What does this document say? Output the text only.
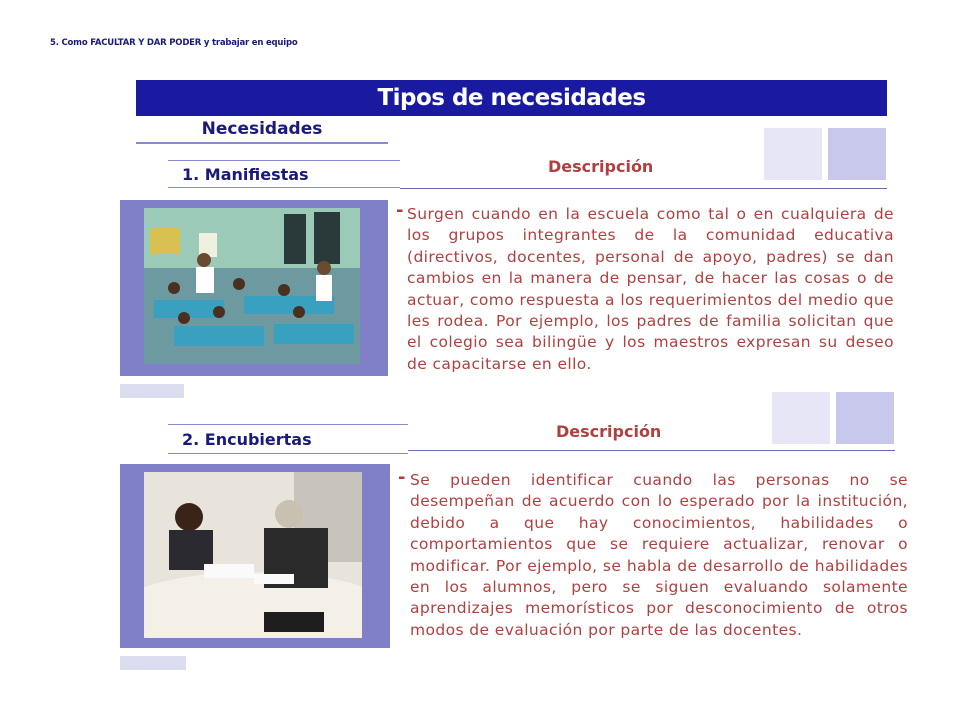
5. Como FACULTAR Y DAR PODER y trabajar en equipo
Tipos de necesidades
Necesidades
1. Manifiestas	Descripción
- Surgen cuando en la escuela como tal o en cualquiera de los grupos integrantes de la comunidad educativa (directivos, docentes, personal de apoyo, padres) se dan cambios en la manera de pensar, de hacer las cosas o de actuar, como respuesta a los requerimientos del medio que les rodea. Por ejemplo, los padres de familia solicitan que el colegio sea bilingüe y los maestros expresan su deseo de capacitarse en ello.
2. Encubiertas	Descripción
- Se pueden identificar cuando las personas no se desempeñan de acuerdo con lo esperado por la institución, debido a que hay conocimientos, habilidades o comportamientos que se requiere actualizar, renovar o modificar. Por ejemplo, se habla de desarrollo de habilidades en los alumnos, pero se siguen evaluando solamente aprendizajes memorísticos por desconocimiento de otros modos de evaluación por parte de las docentes.
